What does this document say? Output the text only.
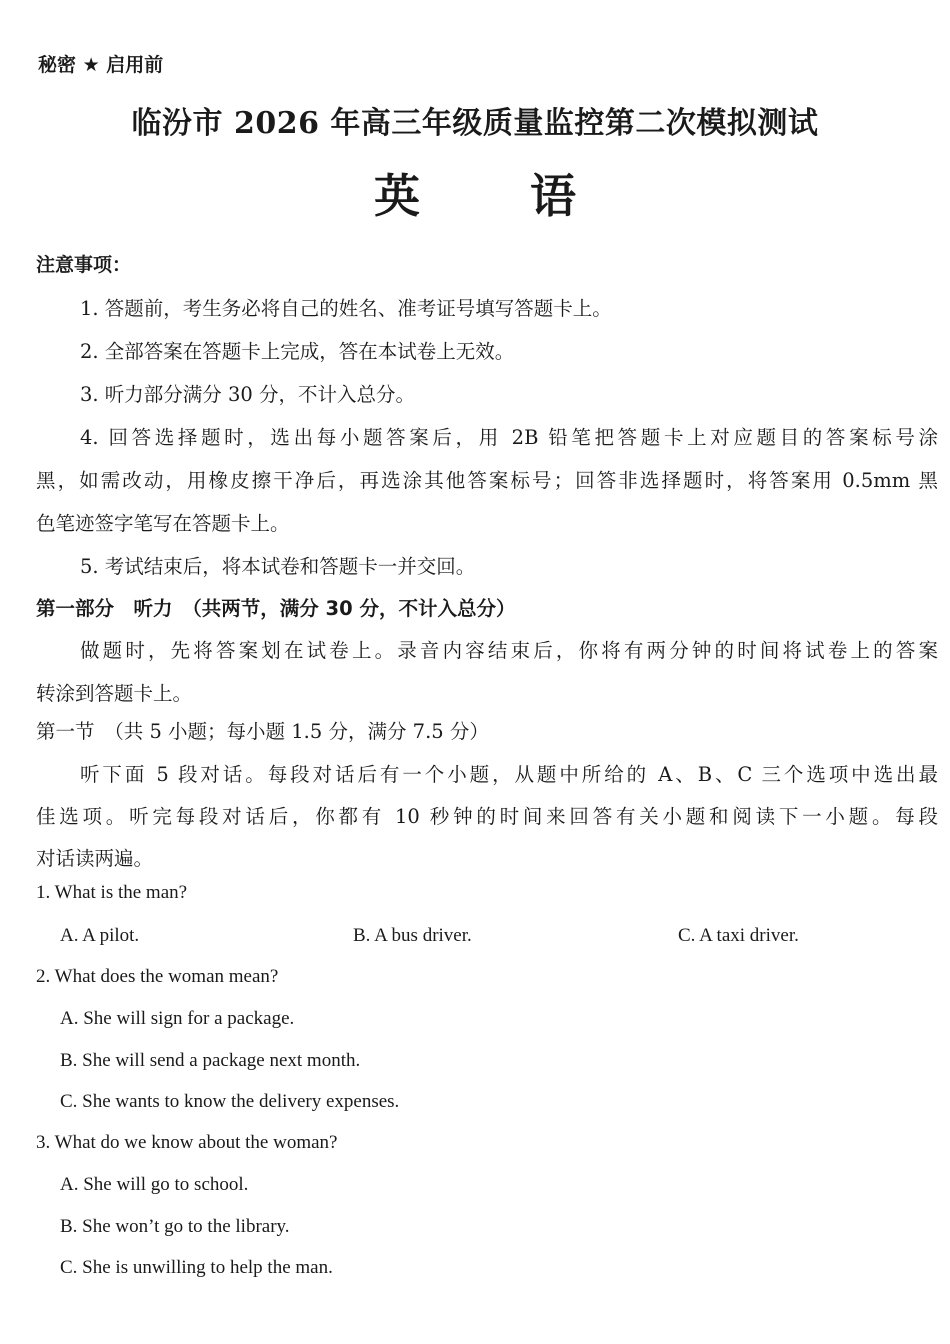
秘密 ★ 启用前
临汾市 2026 年高三年级质量监控第二次模拟测试
英语
注意事项：
1. 答题前，考生务必将自己的姓名、准考证号填写答题卡上。
2. 全部答案在答题卡上完成，答在本试卷上无效。
3. 听力部分满分 30 分，不计入总分。
4. 回答选择题时，选出每小题答案后，用 2B 铅笔把答题卡上对应题目的答案标号涂
黑，如需改动，用橡皮擦干净后，再选涂其他答案标号；回答非选择题时，将答案用 0.5mm 黑
色笔迹签字笔写在答题卡上。
5. 考试结束后，将本试卷和答题卡一并交回。
第一部分　听力　（共两节，满分 30 分，不计入总分）
做题时，先将答案划在试卷上。录音内容结束后，你将有两分钟的时间将试卷上的答案
转涂到答题卡上。
第一节　（共 5 小题；每小题 1.5 分，满分 7.5 分）
听下面 5 段对话。每段对话后有一个小题，从题中所给的 A、B、C 三个选项中选出最
佳选项。听完每段对话后，你都有 10 秒钟的时间来回答有关小题和阅读下一小题。每段
对话读两遍。
1. What is the man?
A. A pilot.	B. A bus driver.	C. A taxi driver.
2. What does the woman mean?
A. She will sign for a package.
B. She will send a package next month.
C. She wants to know the delivery expenses.
3. What do we know about the woman?
A. She will go to school.
B. She won’t go to the library.
C. She is unwilling to help the man.
